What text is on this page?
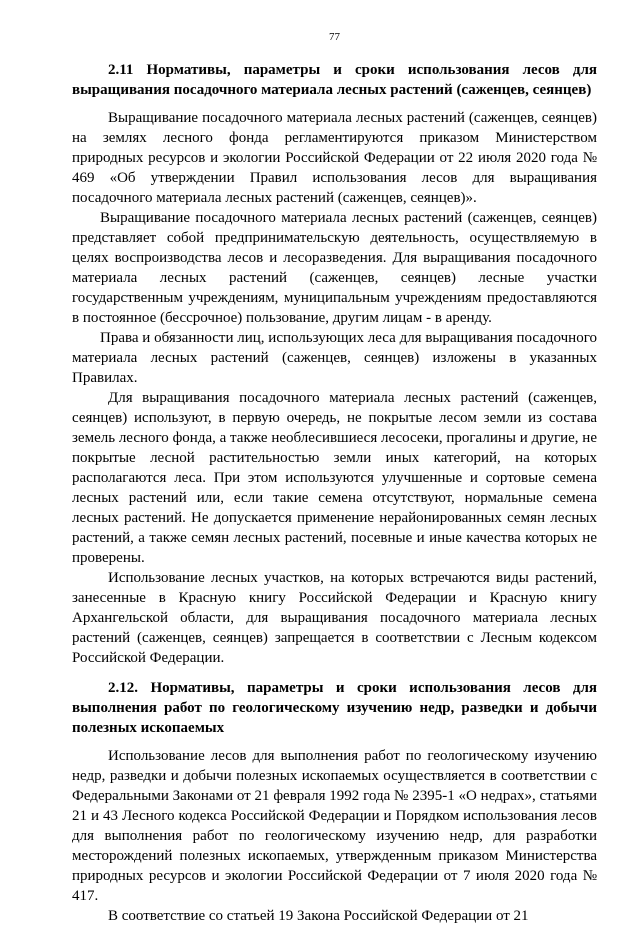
77

2.11 Нормативы, параметры и сроки использования лесов для выращивания посадочного материала лесных растений (саженцев, сеянцев)

Выращивание посадочного материала лесных растений (саженцев, сеянцев) на землях лесного фонда регламентируются приказом Министерством природных ресурсов и экологии Российской Федерации от 22 июля 2020 года № 469 «Об утверждении Правил использования лесов для выращивания посадочного материала лесных растений (саженцев, сеянцев)».

Выращивание посадочного материала лесных растений (саженцев, сеянцев) представляет собой предпринимательскую деятельность, осуществляемую в целях воспроизводства лесов и лесоразведения. Для выращивания посадочного материала лесных растений (саженцев, сеянцев) лесные участки государственным учреждениям, муниципальным учреждениям предоставляются в постоянное (бессрочное) пользование, другим лицам - в аренду.

Права и обязанности лиц, использующих леса для выращивания посадочного материала лесных растений (саженцев, сеянцев) изложены в указанных Правилах.

Для выращивания посадочного материала лесных растений (саженцев, сеянцев) используют, в первую очередь, не покрытые лесом земли из состава земель лесного фонда, а также необлесившиеся лесосеки, прогалины и другие, не покрытые лесной растительностью земли иных категорий, на которых располагаются леса. При этом используются улучшенные и сортовые семена лесных растений или, если такие семена отсутствуют, нормальные семена лесных растений. Не допускается применение нерайонированных семян лесных растений, а также семян лесных растений, посевные и иные качества которых не проверены.

Использование лесных участков, на которых встречаются виды растений, занесенные в Красную книгу Российской Федерации и Красную книгу Архангельской области, для выращивания посадочного материала лесных растений (саженцев, сеянцев) запрещается в соответствии с Лесным кодексом Российской Федерации.

2.12. Нормативы, параметры и сроки использования лесов для выполнения работ по геологическому изучению недр, разведки и добычи полезных ископаемых

Использование лесов для выполнения работ по геологическому изучению недр, разведки и добычи полезных ископаемых осуществляется в соответствии с Федеральными Законами от 21 февраля 1992 года № 2395-1 «О недрах», статьями 21 и 43 Лесного кодекса Российской Федерации и Порядком использования лесов для выполнения работ по геологическому изучению недр, для разработки месторождений полезных ископаемых, утвержденным приказом Министерства природных ресурсов и экологии Российской Федерации от 7 июля 2020 года № 417.

В соответствие со статьей 19 Закона Российской Федерации от 21
